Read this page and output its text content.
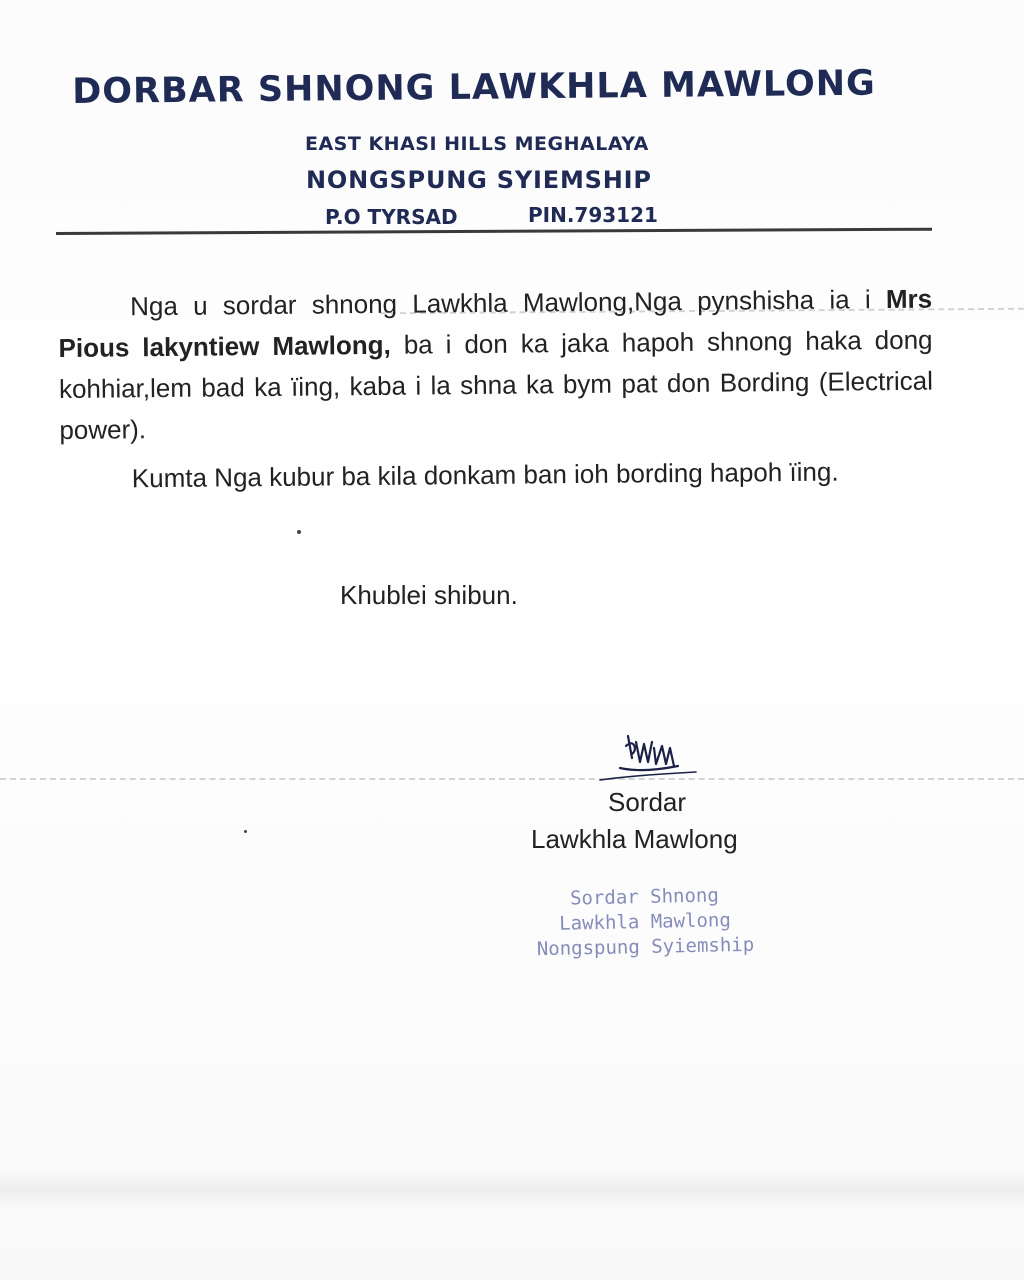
DORBAR SHNONG LAWKHLA MAWLONG
EAST KHASI HILLS MEGHALAYA
NONGSPUNG SYIEMSHIP
P.O TYRSAD	PIN.793121

Nga u sordar shnong Lawkhla Mawlong,Nga pynshisha ia i Mrs Pious lakyntiew Mawlong, ba i don ka jaka hapoh shnong haka dong kohhiar,lem bad ka ïing, kaba i la shna ka bym pat don Bording (Electrical power).

Kumta Nga kubur ba kila donkam ban ioh bording hapoh ïing.

Khublei shibun.
Sordar
Lawkhla Mawlong
Sordar Shnong
Lawkhla Mawlong
Nongspung Syiemship
